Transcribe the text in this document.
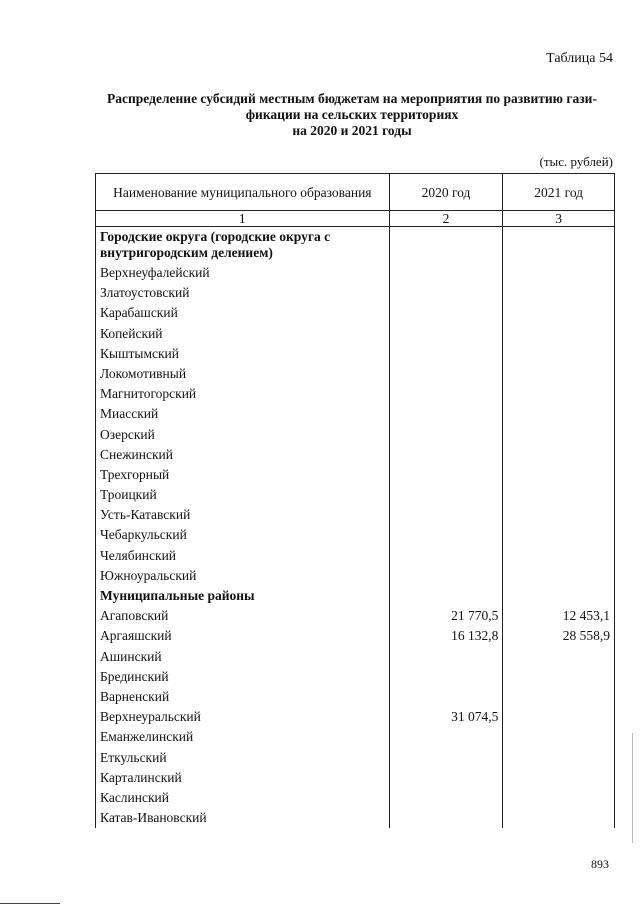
Таблица 54
Распределение субсидий местным бюджетам на мероприятия по развитию гази-
фикации на сельских территориях
на 2020 и 2021 годы
(тыс. рублей)
Наименование муниципального образования	2020 год	2021 год
1	2	3
Городские округа (городские округа с внутригородским делением)		
Верхнеуфалейский		
Златоустовский		
Карабашский		
Копейский		
Кыштымский		
Локомотивный		
Магнитогорский		
Миасский		
Озерский		
Снежинский		
Трехгорный		
Троицкий		
Усть-Катавский		
Чебаркульский		
Челябинский		
Южноуральский		
Муниципальные районы		
Агаповский	21 770,5	12 453,1
Аргаяшский	16 132,8	28 558,9
Ашинский		
Брединский		
Варненский		
Верхнеуральский	31 074,5	
Еманжелинский		
Еткульский		
Карталинский		
Каслинский		
Катав-Ивановский		
893
